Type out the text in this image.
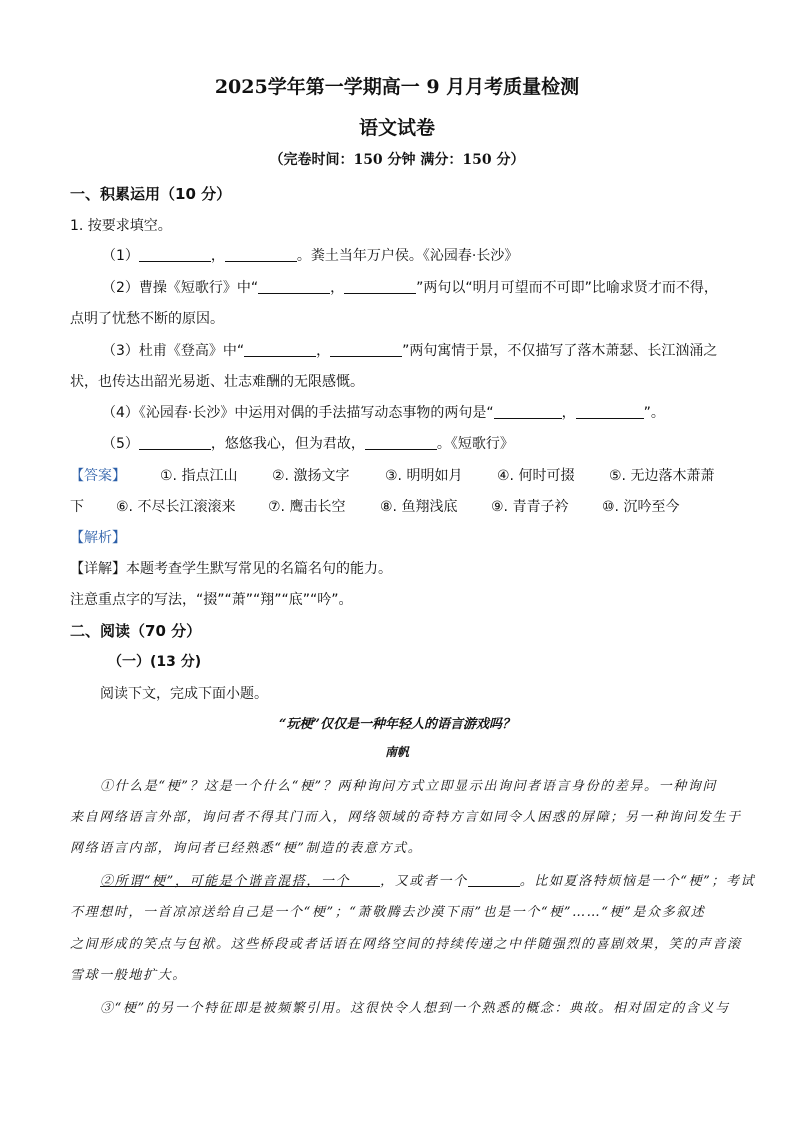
2025学年第一学期高一 9 月月考质量检测
语文试卷
（完卷时间：150 分钟 满分：150 分）
一、积累运用（10 分）
1. 按要求填空。
（1）	，	。粪土当年万户侯。《沁园春·长沙》
（2）曹操《短歌行》中“	，	”两句以“明月可望而不可即”比喻求贤才而不得，
点明了忧愁不断的原因。
（3）杜甫《登高》中“	，	”两句寓情于景，不仅描写了落木萧瑟、长江汹涌之
状，也传达出韶光易逝、壮志难酬的无限感慨。
（4）《沁园春·长沙》中运用对偶的手法描写动态事物的两句是“	，	”。
（5）	，悠悠我心，但为君故，	。《短歌行》
【答案】 ①. 指点江山 ②. 激扬文字	③. 明明如月 ④. 何时可掇 ⑤. 无边落木萧萧
下 ⑥. 不尽长江滚滚来 ⑦. 鹰击长空 ⑧. 鱼翔浅底 ⑨. 青青子衿 ⑩. 沉吟至今
【解析】
【详解】本题考查学生默写常见的名篇名句的能力。
注意重点字的写法，“掇”“萧”“翔”“底”“吟”。
二、阅读（70 分）
（一）(13 分)
阅读下文，完成下面小题。
“玩梗”仅仅是一种年轻人的语言游戏吗？
南帆
①什么是“梗”？这是一个什么“梗”？两种询问方式立即显示出询问者语言身份的差异。一种询问
来自网络语言外部，询问者不得其门而入，网络领域的奇特方言如同令人困惑的屏障；另一种询问发生于
网络语言内部，询问者已经熟悉“梗”制造的表意方式。
②所谓“梗”，可能是个谐音混搭，一个 ，又或者一个	。比如夏洛特烦恼是一个“梗”；考试
不理想时，一首凉凉送给自己是一个“梗”；“萧敬腾去沙漠下雨”也是一个“梗”……“梗”是众多叙述
之间形成的笑点与包袱。这些桥段或者话语在网络空间的持续传递之中伴随强烈的喜剧效果，笑的声音滚
雪球一般地扩大。
③“梗”的另一个特征即是被频繁引用。这很快令人想到一个熟悉的概念：典故。相对固定的含义与
